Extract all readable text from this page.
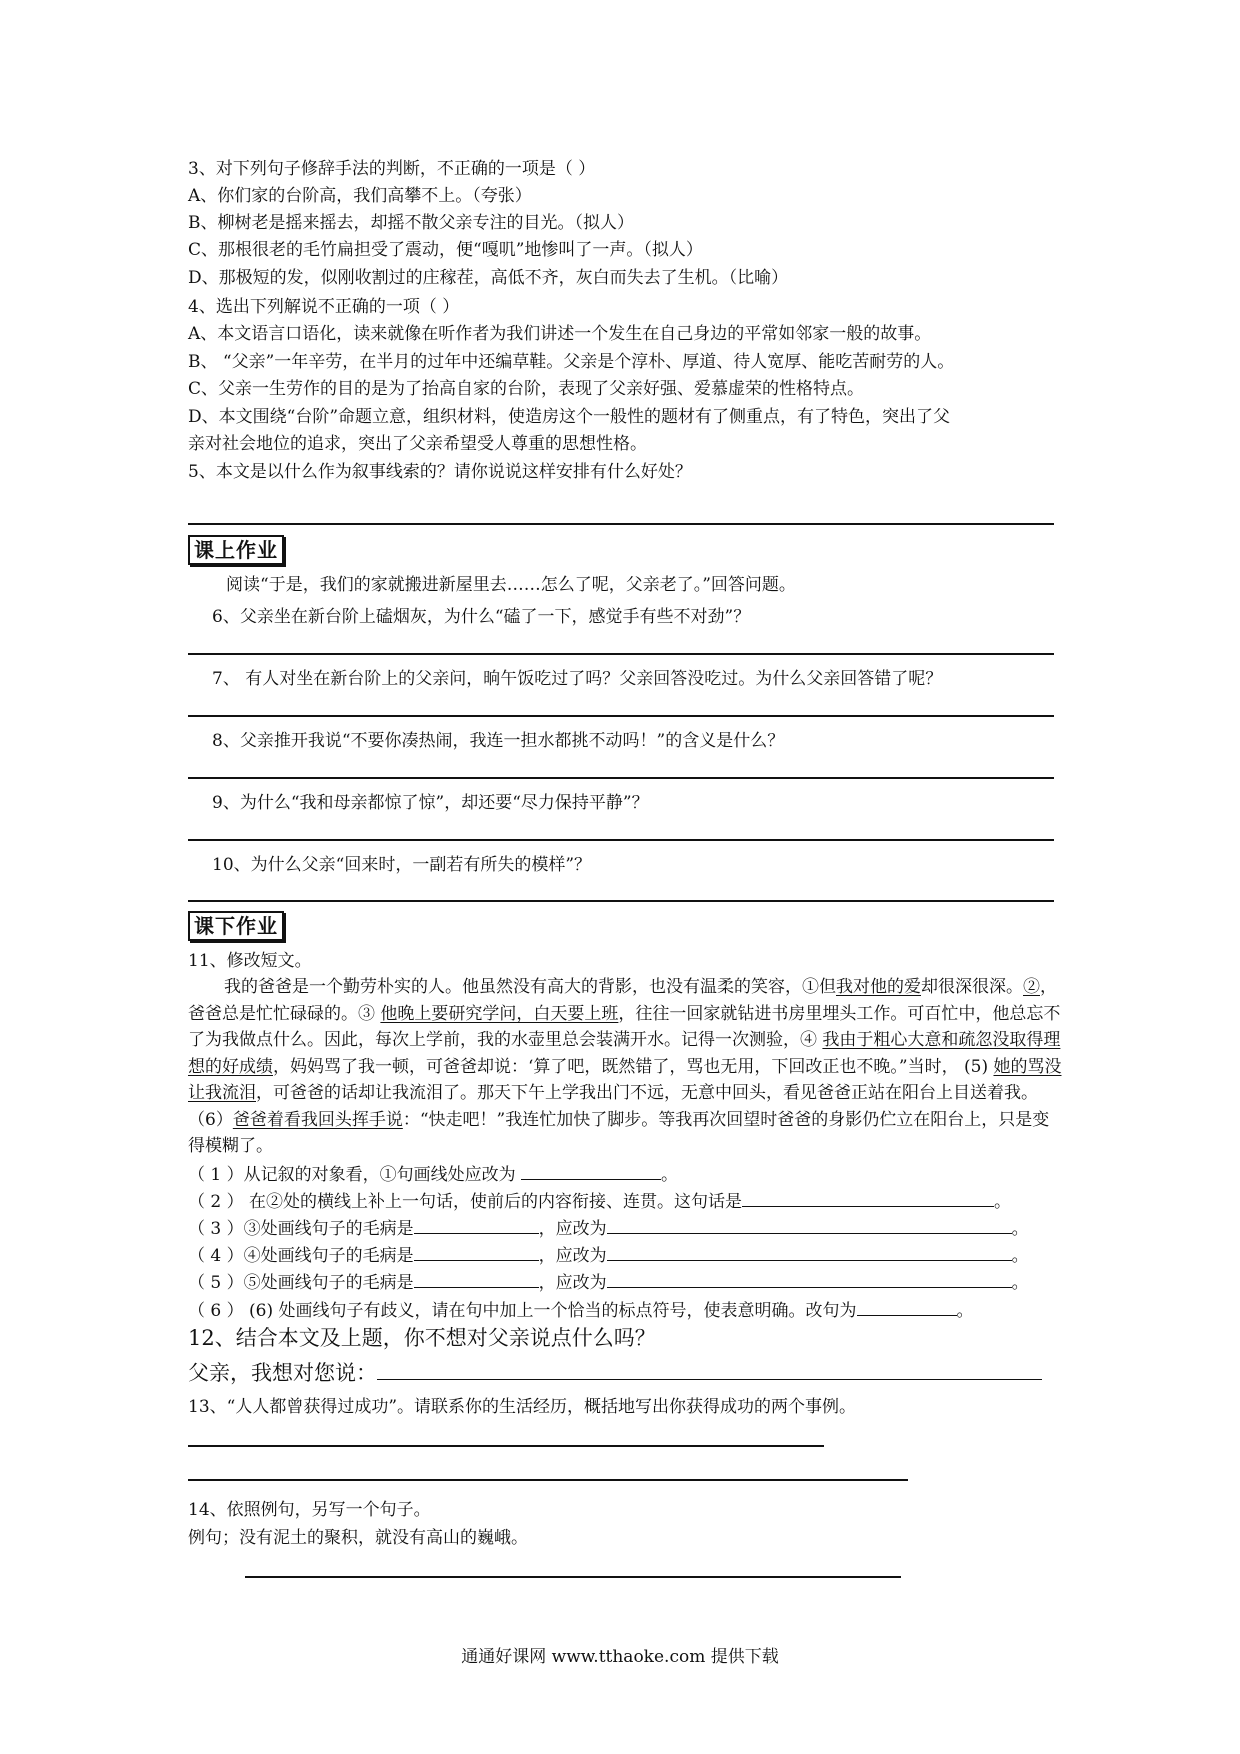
3、对下列句子修辞手法的判断，不正确的一项是（ ）
A、你们家的台阶高，我们高攀不上。（夸张）
B、柳树老是摇来摇去，却摇不散父亲专注的目光。（拟人）
C、那根很老的毛竹扁担受了震动，便“嘎叽”地惨叫了一声。（拟人）
D、那极短的发，似刚收割过的庄稼茬，高低不齐，灰白而失去了生机。（比喻）
4、选出下列解说不正确的一项（ ）
A、本文语言口语化，读来就像在听作者为我们讲述一个发生在自己身边的平常如邻家一般的故事。
B、 “父亲”一年辛劳，在半月的过年中还编草鞋。父亲是个淳朴、厚道、待人宽厚、能吃苦耐劳的人。
C、父亲一生劳作的目的是为了抬高自家的台阶，表现了父亲好强、爱慕虚荣的性格特点。
D、本文围绕“台阶”命题立意，组织材料，使造房这个一般性的题材有了侧重点，有了特色，突出了父
亲对社会地位的追求，突出了父亲希望受人尊重的思想性格。
5、本文是以什么作为叙事线索的？请你说说这样安排有什么好处？
课上作业
阅读“于是，我们的家就搬进新屋里去……怎么了呢，父亲老了。”回答问题。
6、父亲坐在新台阶上磕烟灰，为什么“磕了一下，感觉手有些不对劲”？
7、 有人对坐在新台阶上的父亲问，晌午饭吃过了吗？父亲回答没吃过。为什么父亲回答错了呢？
8、父亲推开我说“不要你凑热闹，我连一担水都挑不动吗！”的含义是什么？
9、为什么“我和母亲都惊了惊”，却还要“尽力保持平静”？
10、为什么父亲“回来时，一副若有所失的模样”？
课下作业
11、修改短文。
我的爸爸是一个勤劳朴实的人。他虽然没有高大的背影，也没有温柔的笑容，①但我对他的爱却很深很深。②，爸爸总是忙忙碌碌的。③ 他晚上要研究学问，白天要上班，往往一回家就钻进书房里埋头工作。可百忙中，他总忘不了为我做点什么。因此，每次上学前，我的水壶里总会装满开水。记得一次测验，④ 我由于粗心大意和疏忽没取得理想的好成绩，妈妈骂了我一顿，可爸爸却说：‘算了吧，既然错了，骂也无用，下回改正也不晚。”当时， (5) 她的骂没让我流泪，可爸爸的话却让我流泪了。那天下午上学我出门不远，无意中回头，看见爸爸正站在阳台上目送着我。（6）爸爸着看我回头挥手说：“快走吧！”我连忙加快了脚步。等我再次回望时爸爸的身影仍伫立在阳台上，只是变得模糊了。
（ 1 ）从记叙的对象看，①句画线处应改为	。
（ 2 ） 在②处的横线上补上一句话，使前后的内容衔接、连贯。这句话是	。
（ 3 ）③处画线句子的毛病是	，应改为	。
（ 4 ）④处画线句子的毛病是	，应改为	。
（ 5 ）⑤处画线句子的毛病是	，应改为	。
（ 6 ） (6) 处画线句子有歧义，请在句中加上一个恰当的标点符号，使表意明确。改句为	。
12、结合本文及上题，你不想对父亲说点什么吗？
父亲，我想对您说：
13、“人人都曾获得过成功”。请联系你的生活经历，概括地写出你获得成功的两个事例。
14、依照例句，另写一个句子。
例句；没有泥土的聚积，就没有高山的巍峨。
通通好课网 www.tthaoke.com 提供下载
